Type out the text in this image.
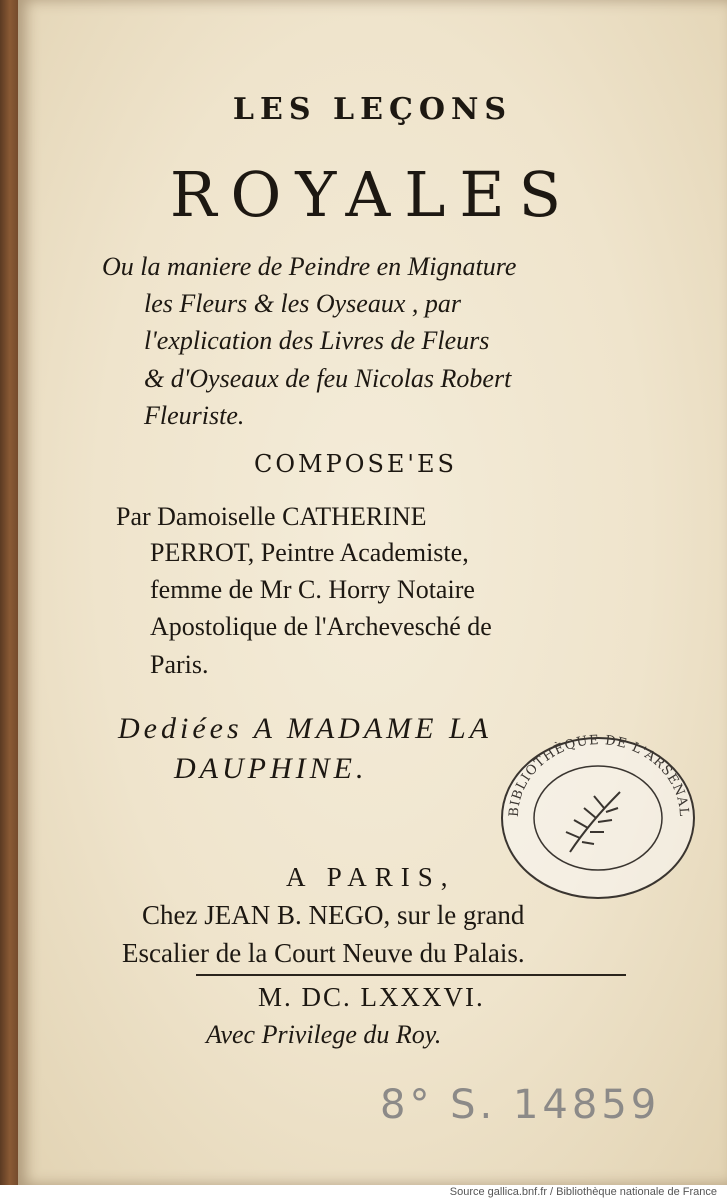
LES LEÇONS
ROYALES

Ou la maniere de Peindre en Mignature

les Fleurs & les Oyseaux , par

l'explication des Livres de Fleurs

& d'Oyseaux de feu Nicolas Robert

Fleuriste.

COMPOSE'ES

Par Damoiselle CATHERINE

PERROT, Peintre Academiste,

femme de Mr C. Horry Notaire

Apostolique de l'Archevesché de

Paris.

Dediées A MADAME LA

DAUPHINE.

BIBLIOTHÈQUE DE L'ARSENAL

A PARIS,

Chez JEAN B. NEGO, sur le grand

Escalier de la Court Neuve du Palais.

M. DC. LXXXVI.

Avec Privilege du Roy.

8° S. 14859

Source gallica.bnf.fr / Bibliothèque nationale de France
